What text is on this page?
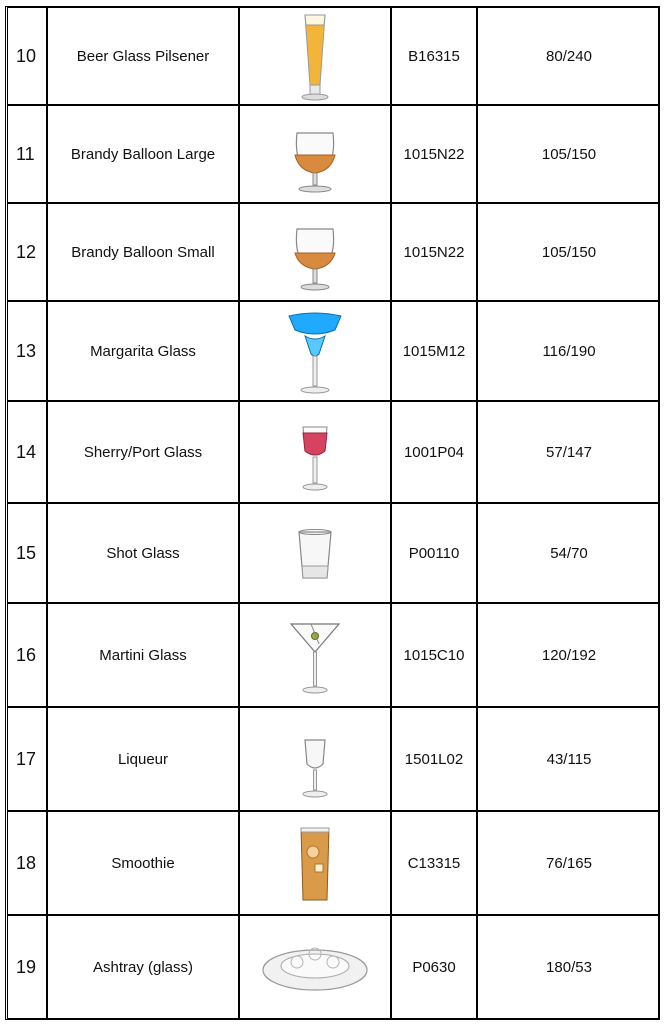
10	Beer Glass Pilsener	B16315	80/240
11	Brandy Balloon Large	1015N22	105/150
12	Brandy Balloon Small	1015N22	105/150
13	Margarita Glass	1015M12	116/190
14	Sherry/Port Glass	1001P04	57/147
15	Shot Glass	P00110	54/70
16	Martini Glass	1015C10	120/192
17	Liqueur	1501L02	43/115
18	Smoothie	C13315	76/165
19	Ashtray (glass)	P0630	180/53
